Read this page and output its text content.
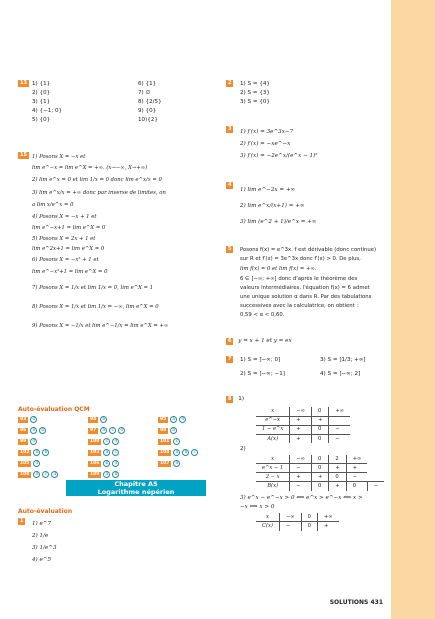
13 1) {1}
2) {0}
3) {1}
4) {−1; 0}
5) {0}
6) {1}
7) ∅
8) {2/5}
9) {0}
10){2}
15 1) Posons X = −x et
lim e^−x = lim e^X = +∞. (x→−∞, X→+∞)
2) lim e^x = 0 et lim 1/x = 0 donc lim e^x/x = 0
3) lim e^x/x = +∞ donc par inverse de limites, on
a lim x/e^x = 0
4) Posons X = −x + 1 et
lim e^−x+1 = lim e^X = 0
5) Posons X = 2x + 1 et
lim e^2x+1 = lim e^X = 0
6) Posons X = −x² + 1 et
lim e^−x²+1 = lim e^X = 0
7) Posons X = 1/x et lim 1/x = 0, lim e^X = 1
8) Posons X = 1/x et lim 1/x = −∞, lim e^X = 0
9) Posons X = −1/x et lim e^−1/x = lim e^X = +∞
Auto-évaluation QCM
93	d	94	b	95	a	d
96	a	b	97	a	c	d	98	b
99	d	100	c	d	101	c
102	a	b	103	a	c	104	a	b	c
105	d	106	b	d	107	d
108	a	c	d	109	a	b
Chapitre A5
Logarithme népérien
Auto-évaluation
1 1) e^7
2) 1/e
3) 1/e^3
4) e^5
2 1) S = {4}
2) S = {3}
3) S = {0}
3 1) f′(x) = 3e^3x−7
2) f′(x) = −xe^−x
3) f′(x) = −2e^x/(e^x − 1)²
4
1) lim e^−2x = +∞
2) lim e^x/(x+1) = +∞
3) lim (e^2 + 1)/e^x = +∞
5 Posons f(x) = e^3x. f est dérivable (donc continue)
sur R et f′(x) = 3e^3x donc f′(x) > 0. De plus,
lim f(x) = 0 et lim f(x) = +∞.
6 ∈ ]−∞; +∞[ donc d'après le théorème des
valeurs intermédiaires, l'équation f(x) = 6 admet
une unique solution α dans R. Par des tabulations
successives avec la calculatrice, on obtient :
0,59 < α < 0,60.
6 y = x + 1 et y = ex
7 1) S = ]−∞; 0]	3) S = ]1/3; +∞[
2) S = ]−∞; −1]	4) S = ]−∞; 2]
8 1)
x	−∞	0	+∞
e^−x	+	+	
1 − e^x	+	0	−
A(x)	+	0	−
2)
x	−∞	0	2	+∞	
e^x − 1	−	0	+	+	
2 − x	+	+	0	−	
B(x)	−	0	+	0	−
3) e^x − e^−x > 0 ⟺ e^x > e^−x ⟺ x >
−x ⟺ x > 0
x	−∞	0	+∞
C(x)	−	0	+
SOLUTIONS 431
